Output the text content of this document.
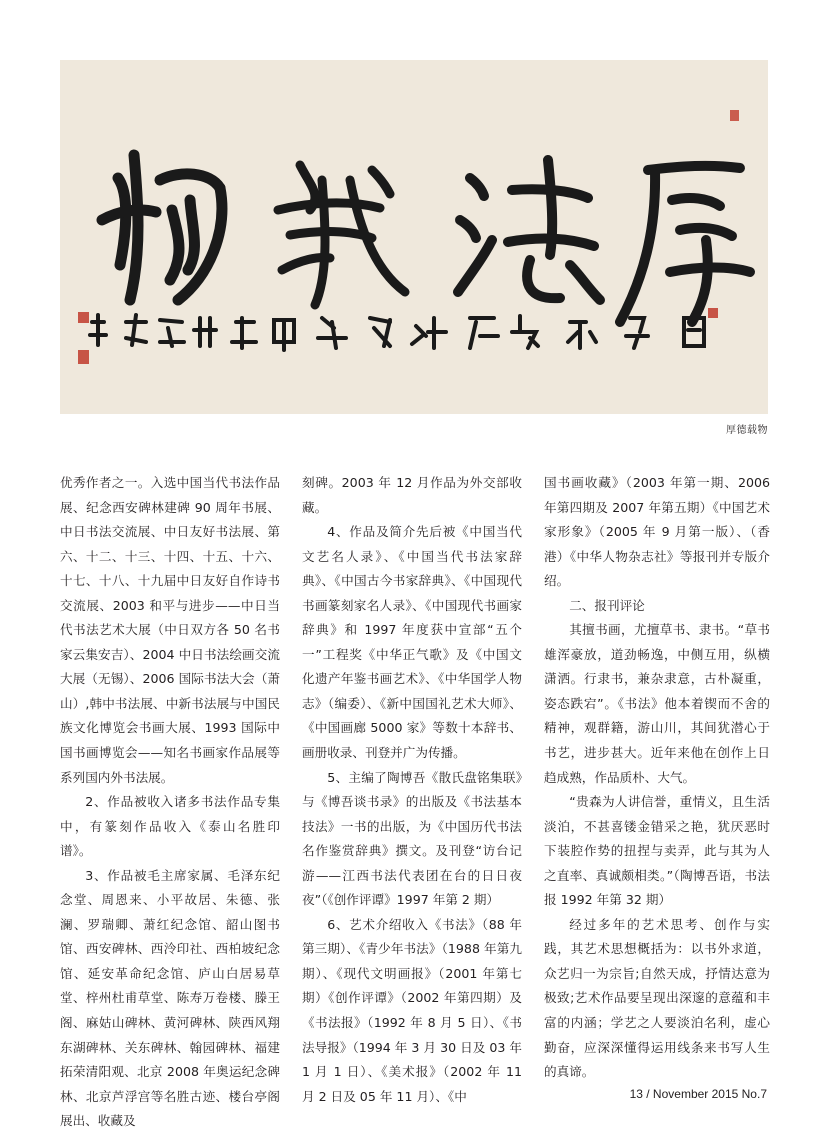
厚德载物

优秀作者之一。入选中国当代书法作品展、纪念西安碑林建碑 90 周年书展、中日书法交流展、中日友好书法展、第六、十二、十三、十四、十五、十六、十七、十八、十九届中日友好自作诗书交流展、2003 和平与进步——中日当代书法艺术大展（中日双方各 50 名书家云集安吉）、2004 中日书法绘画交流大展（无锡）、2006 国际书法大会（萧山）,韩中书法展、中新书法展与中国民族文化博览会书画大展、1993 国际中国书画博览会——知名书画家作品展等系列国内外书法展。

2、作品被收入诸多书法作品专集中，有篆刻作品收入《泰山名胜印谱》。

3、作品被毛主席家属、毛泽东纪念堂、周恩来、小平故居、朱德、张澜、罗瑞卿、萧红纪念馆、韶山图书馆、西安碑林、西泠印社、西柏坡纪念馆、延安革命纪念馆、庐山白居易草堂、梓州杜甫草堂、陈寿万卷楼、滕王阁、麻姑山碑林、黄河碑林、陕西风翔东湖碑林、关东碑林、翰园碑林、福建拓荣清阳观、北京 2008 年奥运纪念碑林、北京芦浮宫等名胜古迹、楼台亭阁展出、收藏及

刻碑。2003 年 12 月作品为外交部收藏。

4、作品及简介先后被《中国当代文艺名人录》、《中国当代书法家辞典》、《中国古今书家辞典》、《中国现代书画篆刻家名人录》、《中国现代书画家辞典》和 1997 年度获中宣部“五个一”工程奖《中华正气歌》及《中国文化遗产年鉴书画艺术》、《中华国学人物志》（编委）、《新中国国礼艺术大师》、《中国画廊 5000 家》等数十本辞书、画册收录、刊登并广为传播。

5、主编了陶博吾《散氏盘铭集联》与《博吾谈书录》的出版及《书法基本技法》一书的出版，为《中国历代书法名作鉴赏辞典》撰文。及刊登“访台记游——江西书法代表团在台的日日夜夜”（《创作评谭》1997 年第 2 期）

6、艺术介绍收入《书法》（88 年第三期）、《青少年书法》（1988 年第九期）、《现代文明画报》（2001 年第七期）《创作评谭》（2002 年第四期）及《书法报》（1992 年 8 月 5 日）、《书法导报》（1994 年 3 月 30 日及 03 年 1 月 1 日）、《美术报》（2002 年 11 月 2 日及 05 年 11 月）、《中

国书画收藏》（2003 年第一期、2006 年第四期及 2007 年第五期）《中国艺术家形象》（2005 年 9 月第一版）、（香港）《中华人物杂志社》等报刊并专版介绍。

二、报刊评论

其擅书画，尤擅草书、隶书。“草书雄浑豪放，道劲畅逸，中侧互用，纵横潇洒。行隶书，兼杂隶意，古朴凝重，姿态跌宕”。《书法》他本着锲而不舍的精神，观群籍，游山川，其间犹潜心于书艺，进步甚大。近年来他在创作上日趋成熟，作品质朴、大气。

“贵森为人讲信誉，重情义，且生活淡泊，不甚喜镂金错采之艳，犹厌恶时下装腔作势的扭捏与卖弄，此与其为人之直率、真诚颇相类。”（陶博吾语，书法报 1992 年第 32 期）

经过多年的艺术思考、创作与实践，其艺术思想概括为：以书外求道，众艺归一为宗旨;自然天成，抒情达意为极致;艺术作品要呈现出深邃的意蕴和丰富的内涵；学艺之人要淡泊名利，虚心勤奋，应深深懂得运用线条来书写人生的真谛。

13 / November 2015 No.7
